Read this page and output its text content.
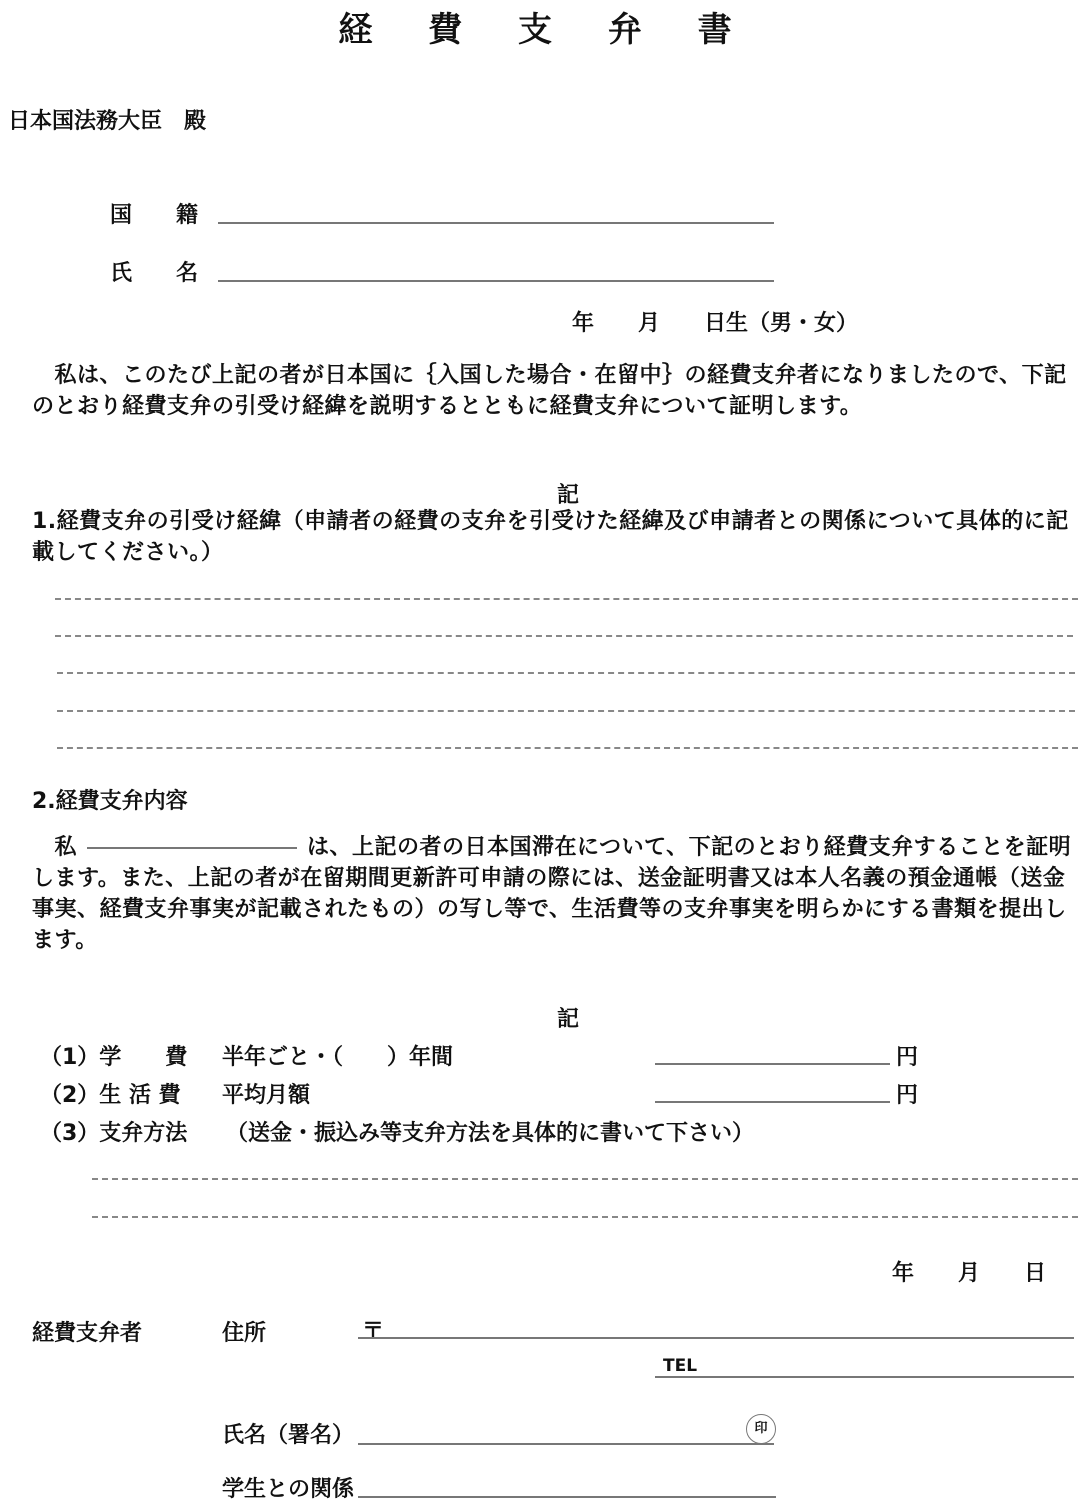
経 費 支 弁 書
日本国法務大臣　殿
国　　籍
氏　　名
年　　月　　日生（男・女）
　私は、このたび上記の者が日本国に｛入国した場合・在留中｝の経費支弁者になりましたので、下記のとおり経費支弁の引受け経緯を説明するとともに経費支弁について証明します。
記
1.経費支弁の引受け経緯（申請者の経費の支弁を引受けた経緯及び申請者との関係について具体的に記載してください。）
2.経費支弁内容
　私	は、上記の者の日本国滞在について、下記のとおり経費支弁することを証明します。また、上記の者が在留期間更新許可申請の際には、送金証明書又は本人名義の預金通帳（送金事実、経費支弁事実が記載されたもの）の写し等で、生活費等の支弁事実を明らかにする書類を提出します。
記
（1）学　　費 半年ごと・（　　）年間	円
（2）生 活 費 平均月額	円
（3）支弁方法 （送金・振込み等支弁方法を具体的に書いて下さい）
年　　月　　日
経費支弁者	住所	〒
TEL
氏名（署名）	印
学生との関係
